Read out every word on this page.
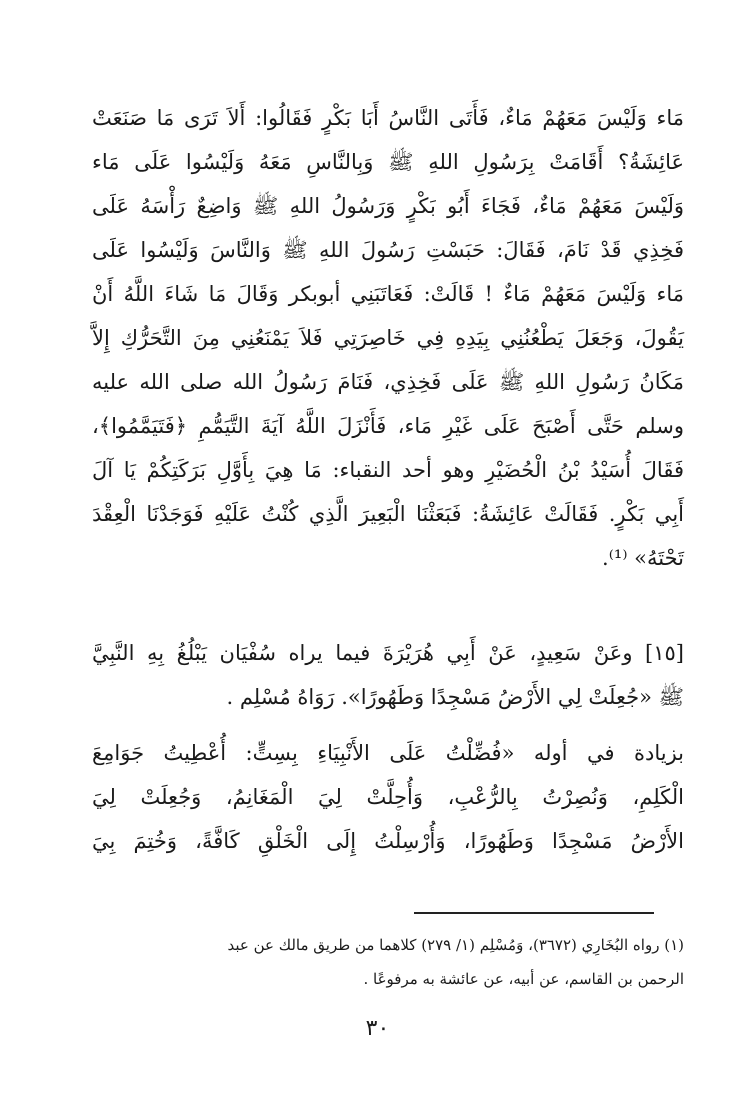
مَاء وَلَيْسَ مَعَهُمْ مَاءٌ، فَأَتَى النَّاسُ أَبَا بَكْرٍ فَقَالُوا: أَلاَ تَرَى مَا صَنَعَتْ
عَائِشَةُ؟ أَقَامَتْ بِرَسُولِ اللهِ ﷺ وَبِالنَّاسِ مَعَهُ وَلَيْسُوا عَلَى مَاء
وَلَيْسَ مَعَهُمْ مَاءٌ، فَجَاءَ أَبُو بَكْرٍ وَرَسُولُ اللهِ ﷺ وَاضِعٌ رَأْسَهُ عَلَى
فَخِذِي قَدْ نَامَ، فَقَالَ: حَبَسْتِ رَسُولَ اللهِ ﷺ وَالنَّاسَ وَلَيْسُوا عَلَى
مَاء وَلَيْسَ مَعَهُمْ مَاءٌ ! قَالَتْ: فَعَاتَبَنِي أبوبكر وَقَالَ مَا شَاءَ اللَّهُ أَنْ
يَقُولَ، وَجَعَلَ يَطْعُنُنِي بِيَدِهِ فِي خَاصِرَتِي فَلاَ يَمْنَعُنِي مِنَ التَّحَرُّكِ إِلاَّ
مَكَانُ رَسُولِ اللهِ ﷺ عَلَى فَخِذِي، فَنَامَ رَسُولُ الله صلى الله عليه
وسلم حَتَّى أَصْبَحَ عَلَى غَيْرِ مَاء، فَأَنْزَلَ اللَّهُ آيَةَ التَّيَمُّمِ ﴿فَتَيَمَّمُوا﴾،
فَقَالَ أُسَيْدُ بْنُ الْحُضَيْرِ وهو أحد النقباء: مَا هِيَ بِأَوَّلِ بَرَكَتِكُمْ يَا آلَ
أَبِي بَكْرٍ. فَقَالَتْ عَائِشَةُ: فَبَعَثْنَا الْبَعِيرَ الَّذِي كُنْتُ عَلَيْهِ فَوَجَدْنَا الْعِقْدَ
تَحْتَهُ» ⁽¹⁾.
[١٥] وعَنْ سَعِيدٍ، عَنْ أَبِي هُرَيْرَةَ فيما يراه سُفْيَان يَبْلُغُ بِهِ النَّبِيَّ
ﷺ «جُعِلَتْ لِي الأَرْضُ مَسْجِدًا وَطَهُورًا». رَوَاهُ مُسْلِم .
بزيادة في أوله «فُضِّلْتُ عَلَى الأَنْبِيَاءِ بِسِتٍّ: أُعْطِيتُ جَوَامِعَ
الْكَلِمِ، وَنُصِرْتُ بِالرُّعْبِ، وَأُحِلَّتْ لِيَ الْمَغَانِمُ، وَجُعِلَتْ لِيَ
الأَرْضُ مَسْجِدًا وَطَهُورًا، وَأُرْسِلْتُ إِلَى الْخَلْقِ كَافَّةً، وَخُتِمَ بِيَ
(١) رواه البُخَارِي (٣٦٧٢)، وَمُسْلِم (١/ ٢٧٩) كلاهما من طريق مالك عن عبد
الرحمن بن القاسم، عن أبيه، عن عائشة به مرفوعًا .
٣٠
